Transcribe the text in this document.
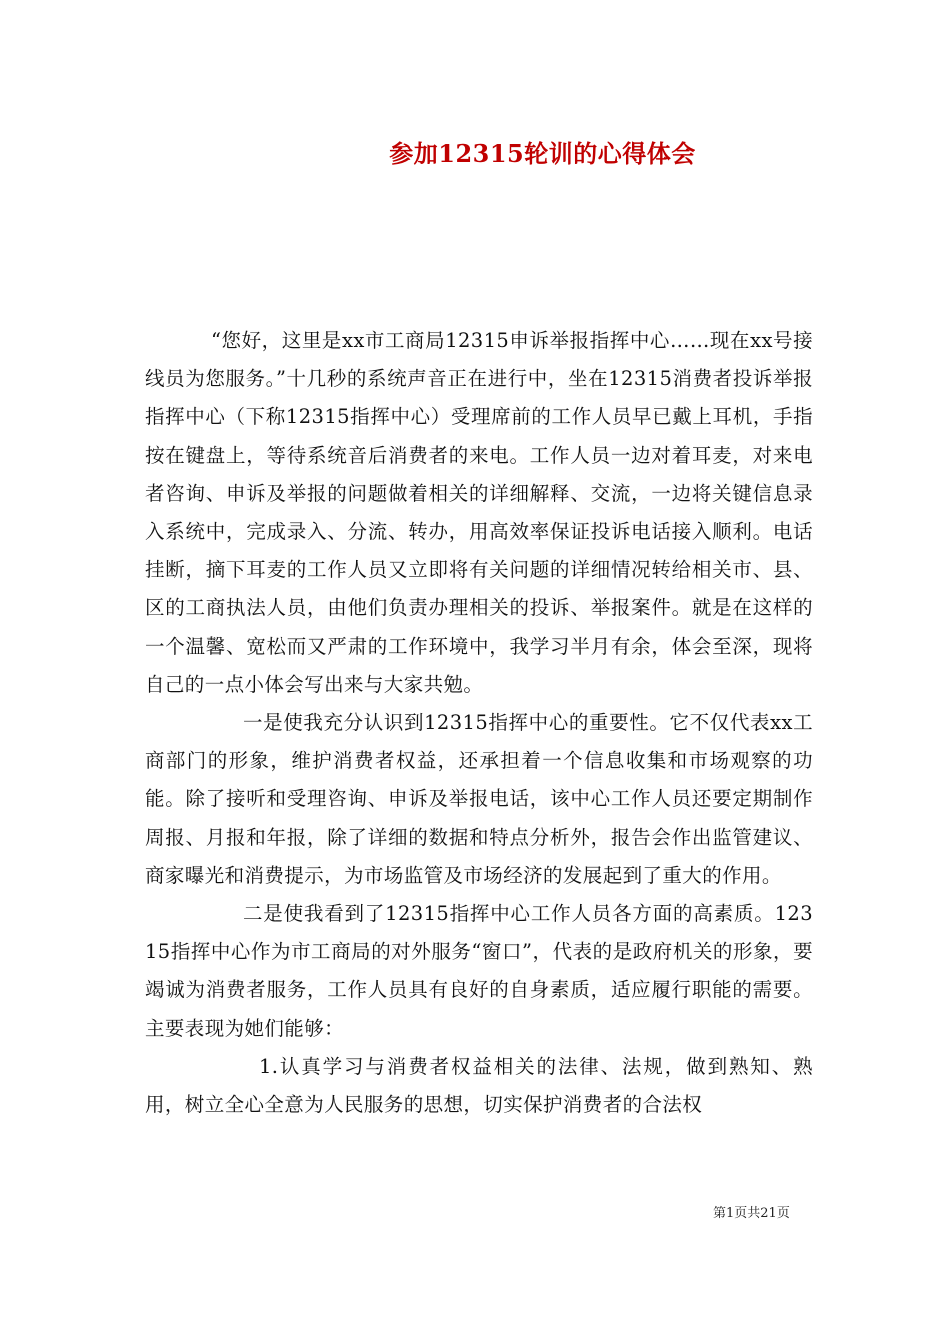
参加12315轮训的心得体会

“您好，这里是xx市工商局12315申诉举报指挥中心……现在xx号接线员为您服务。”十几秒的系统声音正在进行中，坐在12315消费者投诉举报指挥中心（下称12315指挥中心）受理席前的工作人员早已戴上耳机，手指按在键盘上，等待系统音后消费者的来电。工作人员一边对着耳麦，对来电者咨询、申诉及举报的问题做着相关的详细解释、交流，一边将关键信息录入系统中，完成录入、分流、转办，用高效率保证投诉电话接入顺利。电话挂断，摘下耳麦的工作人员又立即将有关问题的详细情况转给相关市、县、区的工商执法人员，由他们负责办理相关的投诉、举报案件。就是在这样的一个温馨、宽松而又严肃的工作环境中，我学习半月有余，体会至深，现将自己的一点小体会写出来与大家共勉。

一是使我充分认识到12315指挥中心的重要性。它不仅代表xx工商部门的形象，维护消费者权益，还承担着一个信息收集和市场观察的功能。除了接听和受理咨询、申诉及举报电话，该中心工作人员还要定期制作周报、月报和年报，除了详细的数据和特点分析外，报告会作出监管建议、商家曝光和消费提示，为市场监管及市场经济的发展起到了重大的作用。

二是使我看到了12315指挥中心工作人员各方面的高素质。12315指挥中心作为市工商局的对外服务“窗口”，代表的是政府机关的形象，要竭诚为消费者服务，工作人员具有良好的自身素质，适应履行职能的需要。主要表现为她们能够：

1.认真学习与消费者权益相关的法律、法规，做到熟知、熟用，树立全心全意为人民服务的思想，切实保护消费者的合法权

第1页共21页
